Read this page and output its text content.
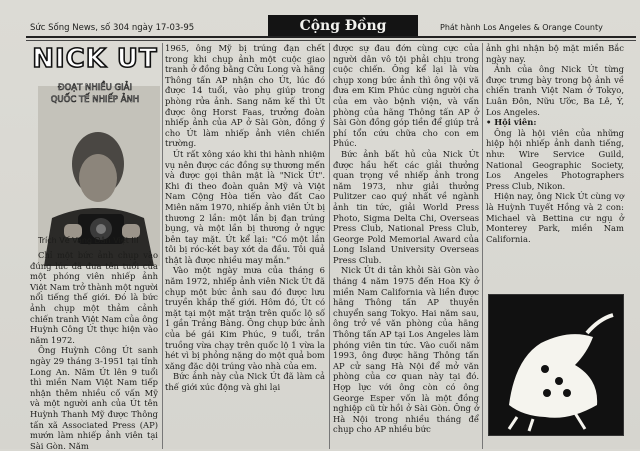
Sức Sống News, số 304 ngày 17-03-95	Cộng Đồng	Phát hành Los Angeles & Orange County
NICK UT
ĐOẠT NHIỀU GIẢI
QUỐC TẾ NHIẾP ẢNH
Trích Vế Vang Dân Việt III

Chỉ một bức ảnh chụp vào đúng lúc đã đưa tên tuổi của một phóng viên nhiếp ảnh Việt Nam trở thành một người nổi tiếng thế giới. Đó là bức ảnh chụp một thảm cảnh chiến tranh Việt Nam của ông Huỳnh Công Út thực hiện vào năm 1972.

Ông Huỳnh Công Út sanh ngày 29 tháng 3-1951 tại tỉnh Long An. Năm Út lên 9 tuổi thì miền Nam Việt Nam tiếp nhận thêm nhiều cố vấn Mỹ và một người anh của Út tên Huỳnh Thanh Mỹ được Thông tấn xã Associated Press (AP) mướn làm nhiếp ảnh viên tại Sài Gòn. Năm

1965, ông Mỹ bị trúng đạn chết trong khi chụp ảnh một cuộc giao tranh ở đồng bằng Cửu Long và hãng Thông tấn AP nhận cho Út, lúc đó được 14 tuổi, vào phụ giúp trong phòng rửa ảnh. Sang năm kế thì Út được ông Horst Faas, trưởng đoàn nhiếp ảnh của AP ở Sài Gòn, đồng ý cho Út làm nhiếp ảnh viên chiến trường.

Út rất xông xáo khi thi hành nhiệm vụ nên được các đồng sự thương mến và được gọi thân mật là "Nick Út". Khi đi theo đoàn quân Mỹ và Việt Nam Cộng Hòa tiến vào đất Cao Miên năm 1970, nhiếp ảnh viên Út bị thương 2 lần: một lần bị đạn trúng bụng, và một lần bị thương ở ngực bên tay mặt. Út kể lại: "Có một lần tôi bị róc-két bay xớt da đầu. Tôi quả thật là được nhiều may mắn."

Vào một ngày mưa của tháng 6 năm 1972, nhiếp ảnh viên Nick Út đã chụp một bức ảnh sau đó được lưu truyền khắp thế giới. Hôm đó, Út có mặt tại một mặt trận trên quốc lộ số 1 gần Trảng Bàng. Ông chụp bức ảnh của bé gái Kim Phúc, 9 tuổi, trần truồng vừa chạy trên quốc lộ 1 vừa la hét vì bị phỏng nặng do một quả bom xăng đặc dội trúng vào nhà của em.

Bức ảnh này của Nick Út đã làm cả thế giới xúc động và ghi lại

được sự đau đớn cùng cực của người dân vô tội phải chịu trong cuộc chiến. Ông kể lại là vừa chụp xong bức ảnh thì ông vội vã đưa em Kim Phúc cùng người cha của em vào bệnh viện, và vấn phòng của hãng Thông tấn AP ở Sài Gòn đồng góp tiền để giúp trả phí tổn cứu chữa cho con em Phúc.

Bức ảnh bất hủ của Nick Út được hầu hết các giải thưởng quan trọng về nhiếp ảnh trong năm 1973, như giải thưởng Pulitzer cao quý nhất về ngành ảnh tin tức, giải World Press Photo, Sigma Delta Chi, Overseas Press Club, National Press Club, George Pold Memorial Award của Long Island University Overseas Press Club.

Nick Út di tản khỏi Sài Gòn vào tháng 4 năm 1975 đến Hoa Kỳ ở miền Nam California và liền được hãng Thông tấn AP thuyên chuyển sang Tokyo. Hai năm sau, ông trở về văn phòng của hãng Thông tấn AP tại Los Angeles làm phóng viên tin tức. Vào cuối năm 1993, ông được hãng Thông tấn AP cử sang Hà Nội để mở văn phòng của cơ quan này tại đó. Hợp lực với ông còn có ông George Esper vốn là một đồng nghiệp cũ từ hồi ở Sài Gòn. Ông ở Hà Nội trong nhiều tháng để chụp cho AP nhiều bức

ảnh ghi nhận bộ mặt miền Bắc ngày nay.

Ảnh của ông Nick Út từng được trưng bày trong bộ ảnh về chiến tranh Việt Nam ở Tokyo, Luân Đôn, Nữu Ước, Ba Lê, Ý, Los Angeles.

• Hội viên:

Ông là hội viên của những hiệp hội nhiếp ảnh danh tiếng, như: Wire Service Guild, National Geographic Society, Los Angeles Photographers Press Club, Nikon.

Hiện nay, ông Nick Út cùng vợ là Huỳnh Tuyết Hồng và 2 con: Michael và Bettina cư ngụ ở Monterey Park, miền Nam California.
